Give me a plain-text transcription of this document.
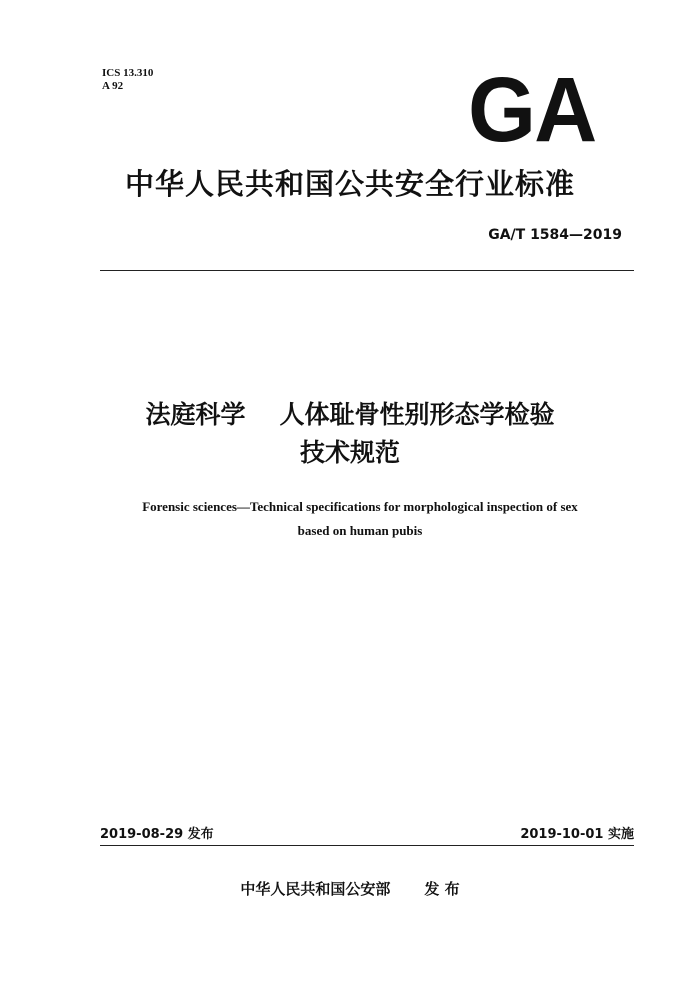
ICS 13.310
A 92	GA
中华人民共和国公共安全行业标准
GA/T 1584—2019
法庭科学 人体耻骨性别形态学检验
技术规范
Forensic sciences—Technical specifications for morphological inspection of sex
based on human pubis
2019-08-29 发布	2019-10-01 实施
中华人民共和国公安部 发 布
